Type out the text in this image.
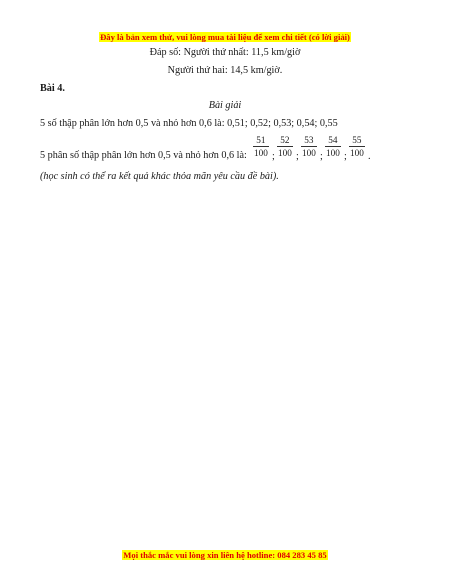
Đây là bản xem thử, vui lòng mua tài liệu để xem chi tiết (có lời giải)
Đáp số: Người thứ nhất: 11,5 km/giờ
Người thứ hai: 14,5 km/giờ.
Bài 4.
Bài giải
5 số thập phân lớn hơn 0,5 và nhỏ hơn 0,6 là: 0,51; 0,52; 0,53; 0,54; 0,55
5 phân số thập phân lớn hơn 0,5 và nhỏ hơn 0,6 là: $\frac{51}{100}$ ; $\frac{52}{100}$ ; $\frac{53}{100}$ ; $\frac{54}{100}$ ; $\frac{55}{100}$ .
(học sinh có thể ra kết quả khác thỏa mãn yêu cầu đề bài).
Mọi thắc mắc vui lòng xin liên hệ hotline: 084 283 45 85
